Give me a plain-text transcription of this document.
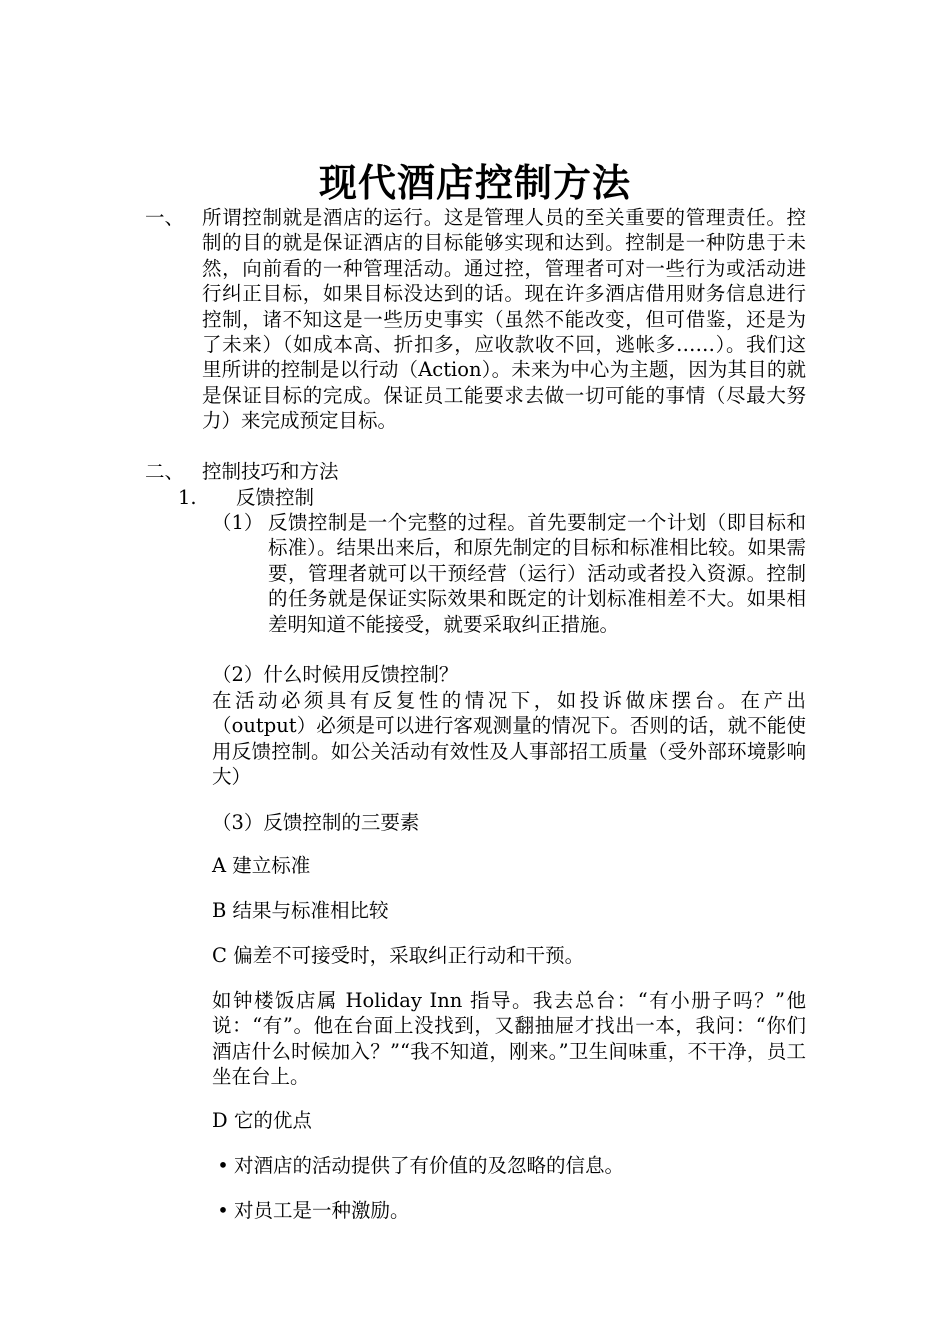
现代酒店控制方法
一、 所谓控制就是酒店的运行。这是管理人员的至关重要的管理责任。控制的目的就是保证酒店的目标能够实现和达到。控制是一种防患于未然，向前看的一种管理活动。通过控，管理者可对一些行为或活动进行纠正目标，如果目标没达到的话。现在许多酒店借用财务信息进行控制，诸不知这是一些历史事实（虽然不能改变，但可借鉴，还是为了未来）（如成本高、折扣多，应收款收不回，逃帐多……）。我们这里所讲的控制是以行动（Action）。未来为中心为主题，因为其目的就是保证目标的完成。保证员工能要求去做一切可能的事情（尽最大努力）来完成预定目标。

二、 控制技巧和方法
1. 反馈控制
（1） 反馈控制是一个完整的过程。首先要制定一个计划（即目标和标准）。结果出来后，和原先制定的目标和标准相比较。如果需要，管理者就可以干预经营（运行）活动或者投入资源。控制的任务就是保证实际效果和既定的计划标准相差不大。如果相差明知道不能接受，就要采取纠正措施。

（2）什么时候用反馈控制？

在活动必须具有反复性的情况下，如投诉做床摆台。在产出（output）必须是可以进行客观测量的情况下。否则的话，就不能使用反馈控制。如公关活动有效性及人事部招工质量（受外部环境影响大）

（3）反馈控制的三要素
A 建立标准
B 结果与标准相比较
C 偏差不可接受时，采取纠正行动和干预。

如钟楼饭店属 Holiday Inn 指导。我去总台：“有小册子吗？”他说：“有”。他在台面上没找到，又翻抽屉才找出一本，我问：“你们酒店什么时候加入？”“我不知道，刚来。”卫生间味重，不干净，员工坐在台上。

D 它的优点
• 对酒店的活动提供了有价值的及忽略的信息。
• 对员工是一种激励。
